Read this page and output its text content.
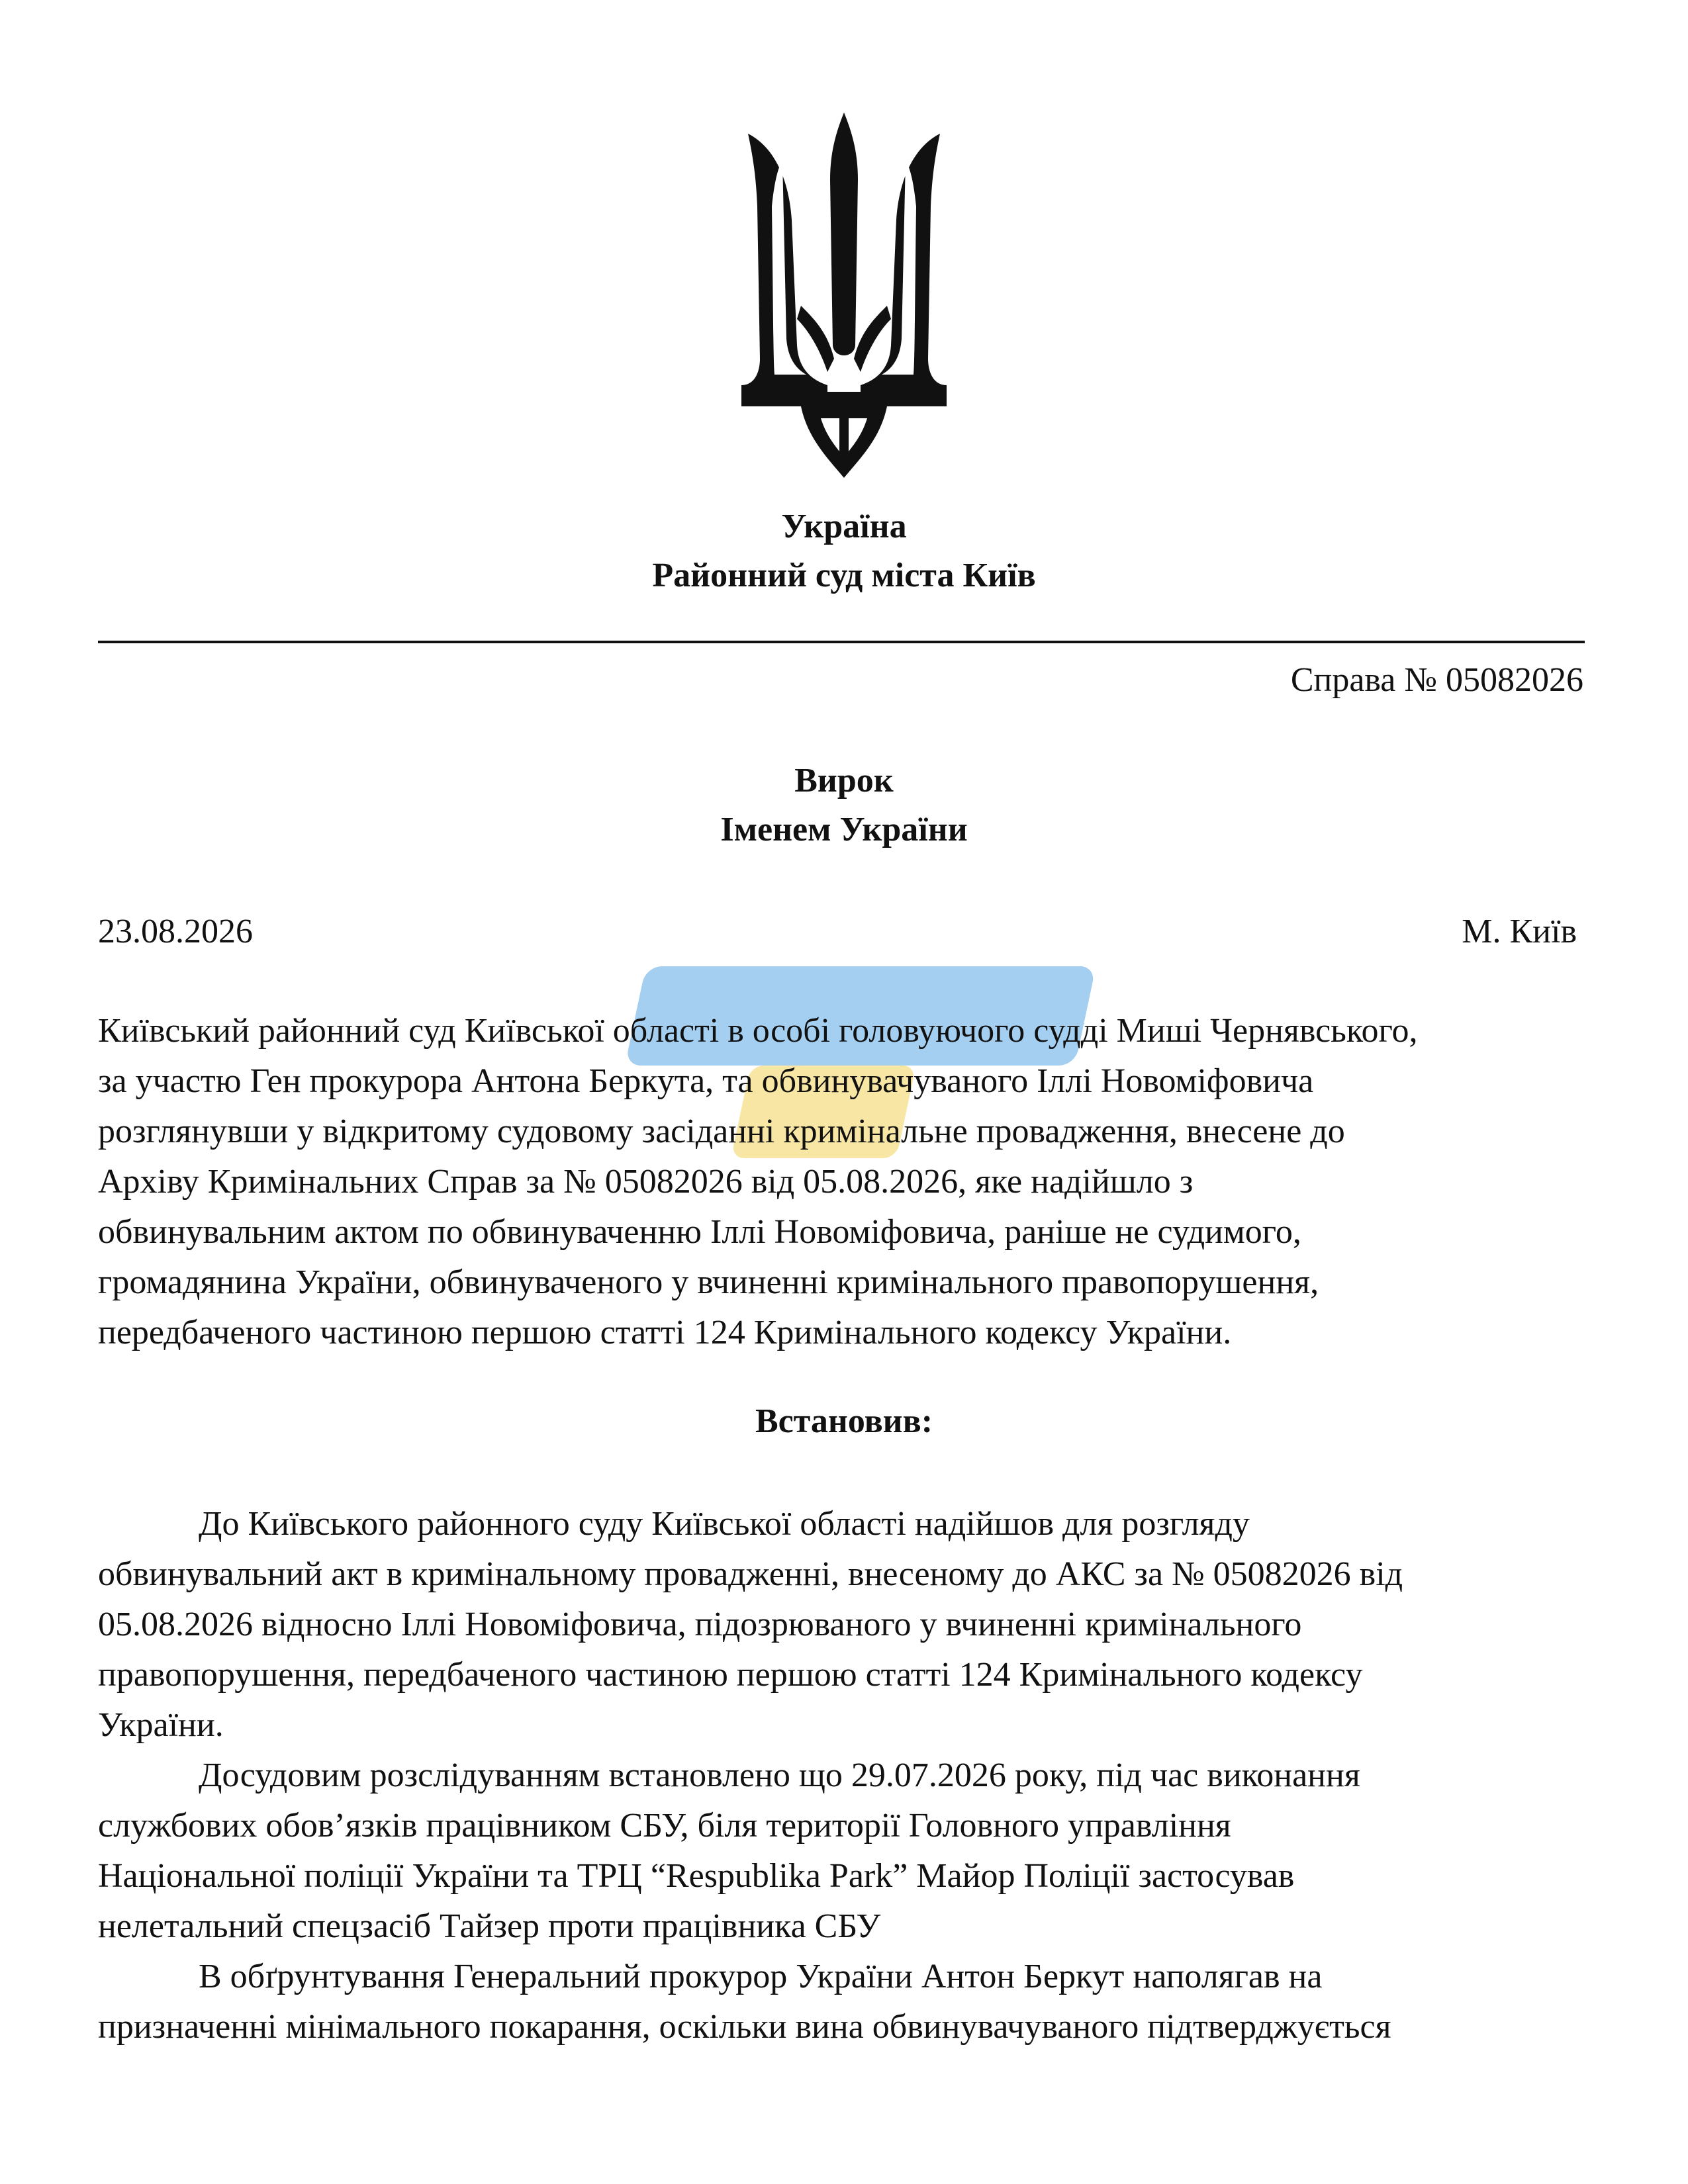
Україна
Районний суд міста Київ
Справа № 05082026
Вирок
Іменем України
23.08.2026	М. Київ

Київський районний суд Київської області в особі головуючого судді Миші Чернявського,
за участю Ген прокурора Антона Беркута, та обвинувачуваного Іллі Новоміфовича
розглянувши у відкритому судовому засіданні кримінальне провадження, внесене до
Архіву Кримінальних Справ за № 05082026 від 05.08.2026, яке надійшло з
обвинувальним актом по обвинуваченню Іллі Новоміфовича, раніше не судимого,
громадянина України, обвинуваченого у вчиненні кримінального правопорушення,
передбаченого частиною першою статті 124 Кримінального кодексу України.

Встановив:

До Київського районного суду Київської області надійшов для розгляду
обвинувальний акт в кримінальному провадженні, внесеному до АКС за № 05082026 від
05.08.2026 відносно Іллі Новоміфовича, підозрюваного у вчиненні кримінального
правопорушення, передбаченого частиною першою статті 124 Кримінального кодексу
України.
Досудовим розслідуванням встановлено що 29.07.2026 року, під час виконання
службових обов’язків працівником СБУ, біля території Головного управління
Національної поліції України та ТРЦ “Respublika Park” Майор Поліції застосував
нелетальний спецзасіб Тайзер проти працівника СБУ
В обґрунтування Генеральний прокурор України Антон Беркут наполягав на
призначенні мінімального покарання, оскільки вина обвинувачуваного підтверджується
